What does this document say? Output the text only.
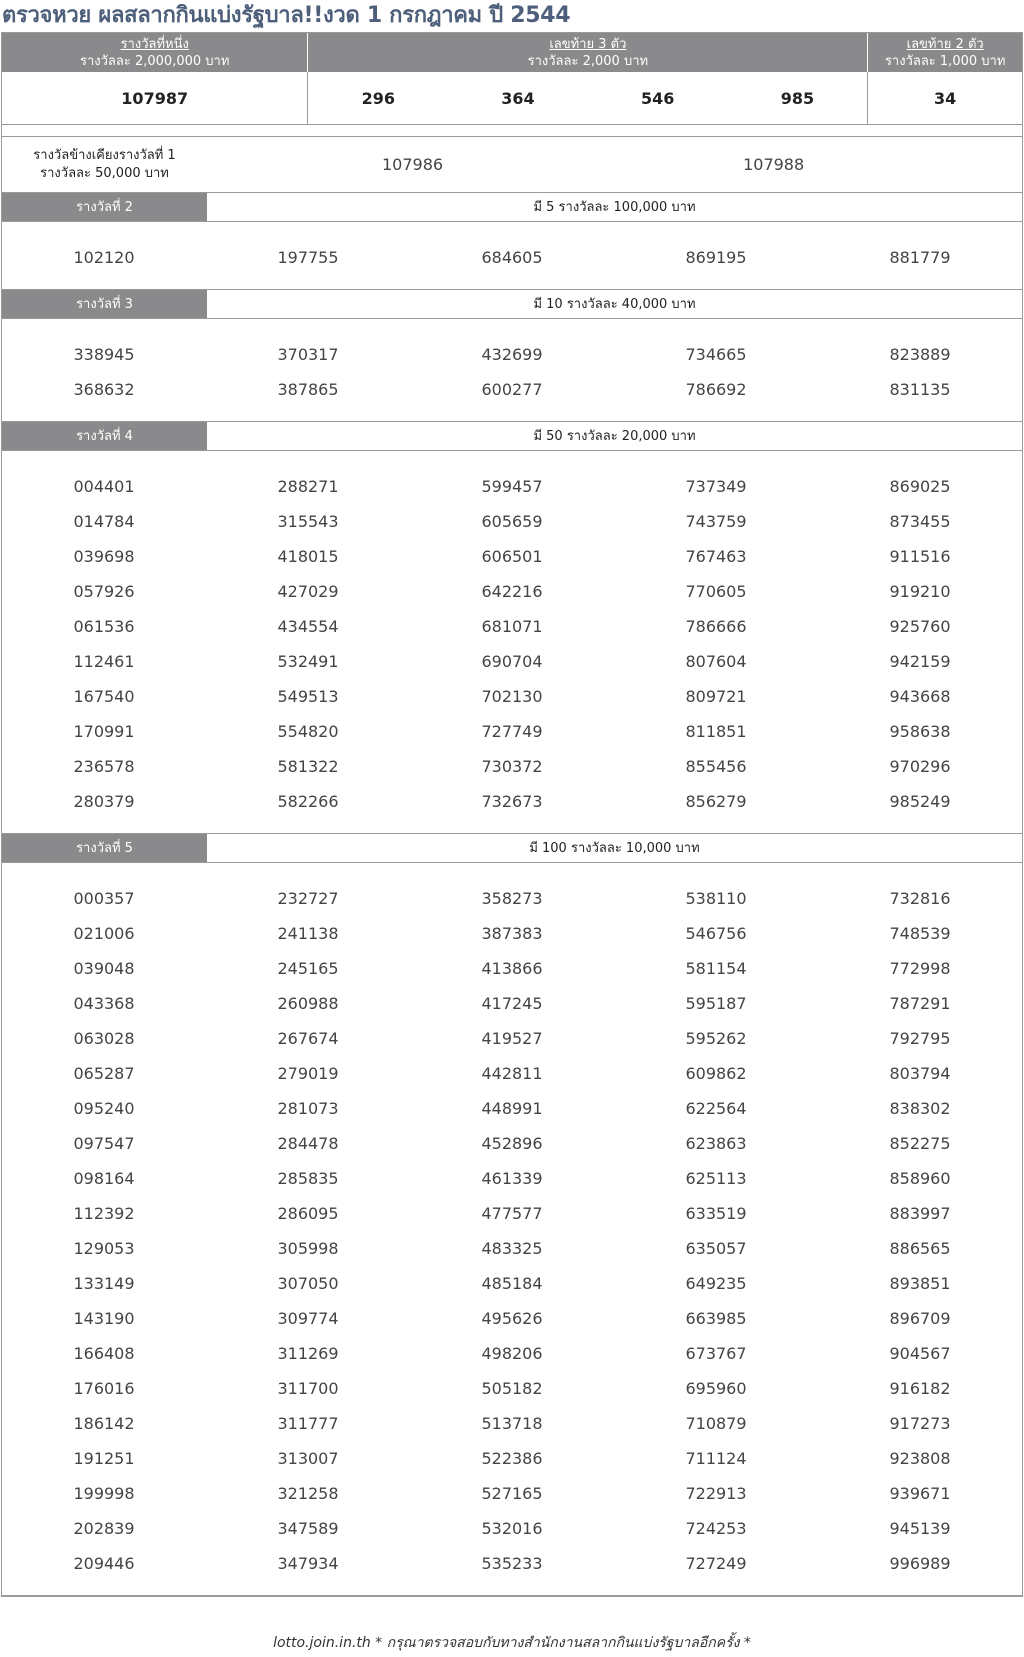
ตรวจหวย ผลสลากกินแบ่งรัฐบาล!!งวด 1 กรกฎาคม ปี 2544
รางวัลที่หนึ่ง
รางวัลละ 2,000,000 บาท
เลขท้าย 3 ตัว
รางวัลละ 2,000 บาท
เลขท้าย 2 ตัว
รางวัลละ 1,000 บาท
107987	296	364	546	985	34
รางวัลข้างเคียงรางวัลที่ 1
รางวัลละ 50,000 บาท	107986	107988
รางวัลที่ 2	มี 5 รางวัลละ 100,000 บาท
102120	197755	684605	869195	881779
รางวัลที่ 3	มี 10 รางวัลละ 40,000 บาท
338945	370317	432699	734665	823889
368632	387865	600277	786692	831135
รางวัลที่ 4	มี 50 รางวัลละ 20,000 บาท
004401	288271	599457	737349	869025
014784	315543	605659	743759	873455
039698	418015	606501	767463	911516
057926	427029	642216	770605	919210
061536	434554	681071	786666	925760
112461	532491	690704	807604	942159
167540	549513	702130	809721	943668
170991	554820	727749	811851	958638
236578	581322	730372	855456	970296
280379	582266	732673	856279	985249
รางวัลที่ 5	มี 100 รางวัลละ 10,000 บาท
000357	232727	358273	538110	732816
021006	241138	387383	546756	748539
039048	245165	413866	581154	772998
043368	260988	417245	595187	787291
063028	267674	419527	595262	792795
065287	279019	442811	609862	803794
095240	281073	448991	622564	838302
097547	284478	452896	623863	852275
098164	285835	461339	625113	858960
112392	286095	477577	633519	883997
129053	305998	483325	635057	886565
133149	307050	485184	649235	893851
143190	309774	495626	663985	896709
166408	311269	498206	673767	904567
176016	311700	505182	695960	916182
186142	311777	513718	710879	917273
191251	313007	522386	711124	923808
199998	321258	527165	722913	939671
202839	347589	532016	724253	945139
209446	347934	535233	727249	996989
lotto.join.in.th * กรุณาตรวจสอบกับทางสำนักงานสลากกินแบ่งรัฐบาลอีกครั้ง *
